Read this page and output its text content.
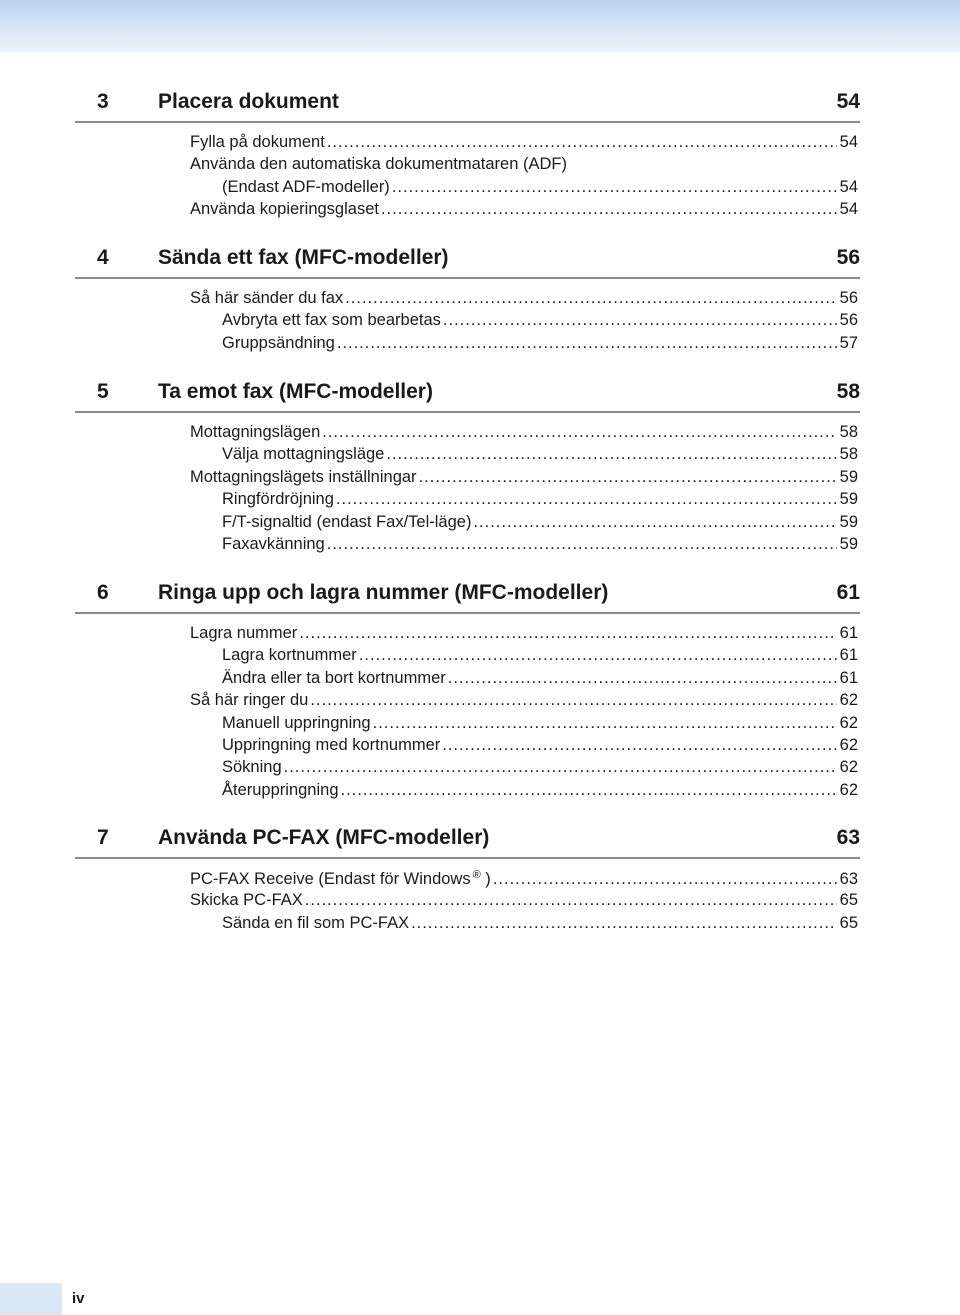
3 Placera dokument	54
Fylla på dokument .....	54
Använda den automatiska dokumentmataren (ADF)
(Endast ADF-modeller) .....	54
Använda kopieringsglaset .....	54
4 Sända ett fax (MFC-modeller)	56
Så här sänder du fax .....	56
Avbryta ett fax som bearbetas .....	56
Gruppsändning .....	57
5 Ta emot fax (MFC-modeller)	58
Mottagningslägen .....	58
Välja mottagningsläge .....	58
Mottagningslägets inställningar .....	59
Ringfördröjning .....	59
F/T-signaltid (endast Fax/Tel-läge) .....	59
Faxavkänning .....	59
6 Ringa upp och lagra nummer (MFC-modeller)	61
Lagra nummer .....	61
Lagra kortnummer .....	61
Ändra eller ta bort kortnummer .....	61
Så här ringer du .....	62
Manuell uppringning .....	62
Uppringning med kortnummer .....	62
Sökning .....	62
Återuppringning .....	62
7 Använda PC-FAX (MFC-modeller)	63
PC-FAX Receive (Endast för Windows ® ) .....	63
Skicka PC-FAX .....	65
Sända en fil som PC-FAX .....	65
iv
